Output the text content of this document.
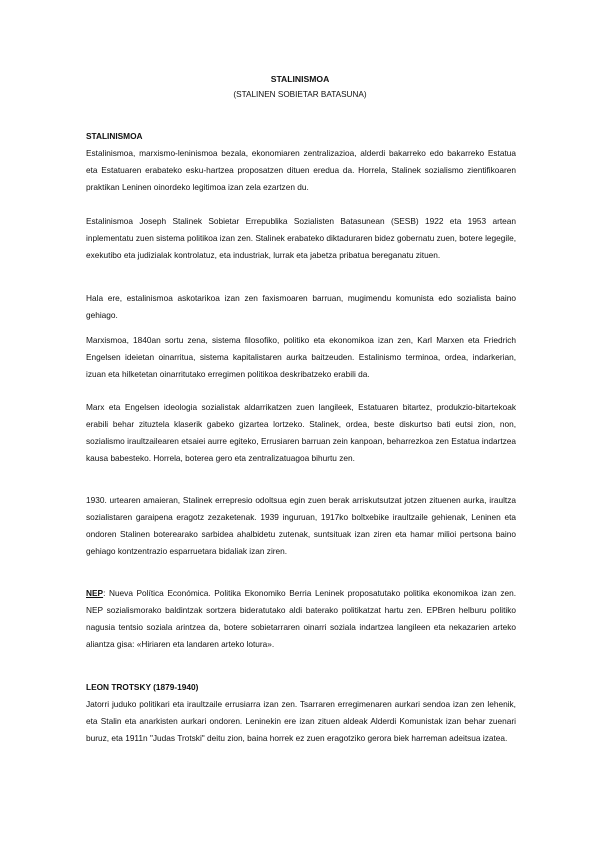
STALINISMOA
(STALINEN SOBIETAR BATASUNA)

STALINISMOA

Estalinismoa, marxismo-leninismoa bezala, ekonomiaren zentralizazioa, alderdi bakarreko edo bakarreko Estatua eta Estatuaren erabateko esku-hartzea proposatzen dituen eredua da. Horrela, Stalinek sozialismo zientifikoaren praktikan Leninen oinordeko legitimoa izan zela ezartzen du.

Estalinismoa Joseph Stalinek Sobietar Errepublika Sozialisten Batasunean (SESB) 1922 eta 1953 artean inplementatu zuen sistema politikoa izan zen. Stalinek erabateko diktaduraren bidez gobernatu zuen, botere legegile, exekutibo eta judizialak kontrolatuz, eta industriak, lurrak eta jabetza pribatua bereganatu zituen.

Hala ere, estalinismoa askotarikoa izan zen faxismoaren barruan, mugimendu komunista edo sozialista baino gehiago.

Marxismoa, 1840an sortu zena, sistema filosofiko, politiko eta ekonomikoa izan zen, Karl Marxen eta Friedrich Engelsen ideietan oinarritua, sistema kapitalistaren aurka baitzeuden. Estalinismo terminoa, ordea, indarkerian, izuan eta hilketetan oinarritutako erregimen politikoa deskribatzeko erabili da.

Marx eta Engelsen ideologia sozialistak aldarrikatzen zuen langileek, Estatuaren bitartez, produkzio-bitartekoak erabili behar zituztela klaserik gabeko gizartea lortzeko. Stalinek, ordea, beste diskurtso bati eutsi zion, non, sozialismo iraultzailearen etsaiei aurre egiteko, Errusiaren barruan zein kanpoan, beharrezkoa zen Estatua indartzea kausa babesteko. Horrela, boterea gero eta zentralizatuagoa bihurtu zen.

1930. urtearen amaieran, Stalinek errepresio odoltsua egin zuen berak arriskutsutzat jotzen zituenen aurka, iraultza sozialistaren garaipena eragotz zezaketenak. 1939 inguruan, 1917ko boltxebike iraultzaile gehienak, Leninen eta ondoren Stalinen boterearako sarbidea ahalbidetu zutenak, suntsituak izan ziren eta hamar milioi pertsona baino gehiago kontzentrazio esparruetara bidaliak izan ziren.

NEP: Nueva Política Económica. Politika Ekonomiko Berria Leninek proposatutako politika ekonomikoa izan zen. NEP sozialismorako baldintzak sortzera bideratutako aldi baterako politikatzat hartu zen. EPBren helburu politiko nagusia tentsio soziala arintzea da, botere sobietarraren oinarri soziala indartzea langileen eta nekazarien arteko aliantza gisa: «Hiriaren eta landaren arteko lotura».

LEON TROTSKY (1879-1940)

Jatorri juduko politikari eta iraultzaile errusiarra izan zen. Tsarraren erregimenaren aurkari sendoa izan zen lehenik, eta Stalin eta anarkisten aurkari ondoren. Leninekin ere izan zituen aldeak Alderdi Komunistak izan behar zuenari buruz, eta 1911n "Judas Trotski" deitu zion, baina horrek ez zuen eragotziko gerora biek harreman adeitsua izatea.
